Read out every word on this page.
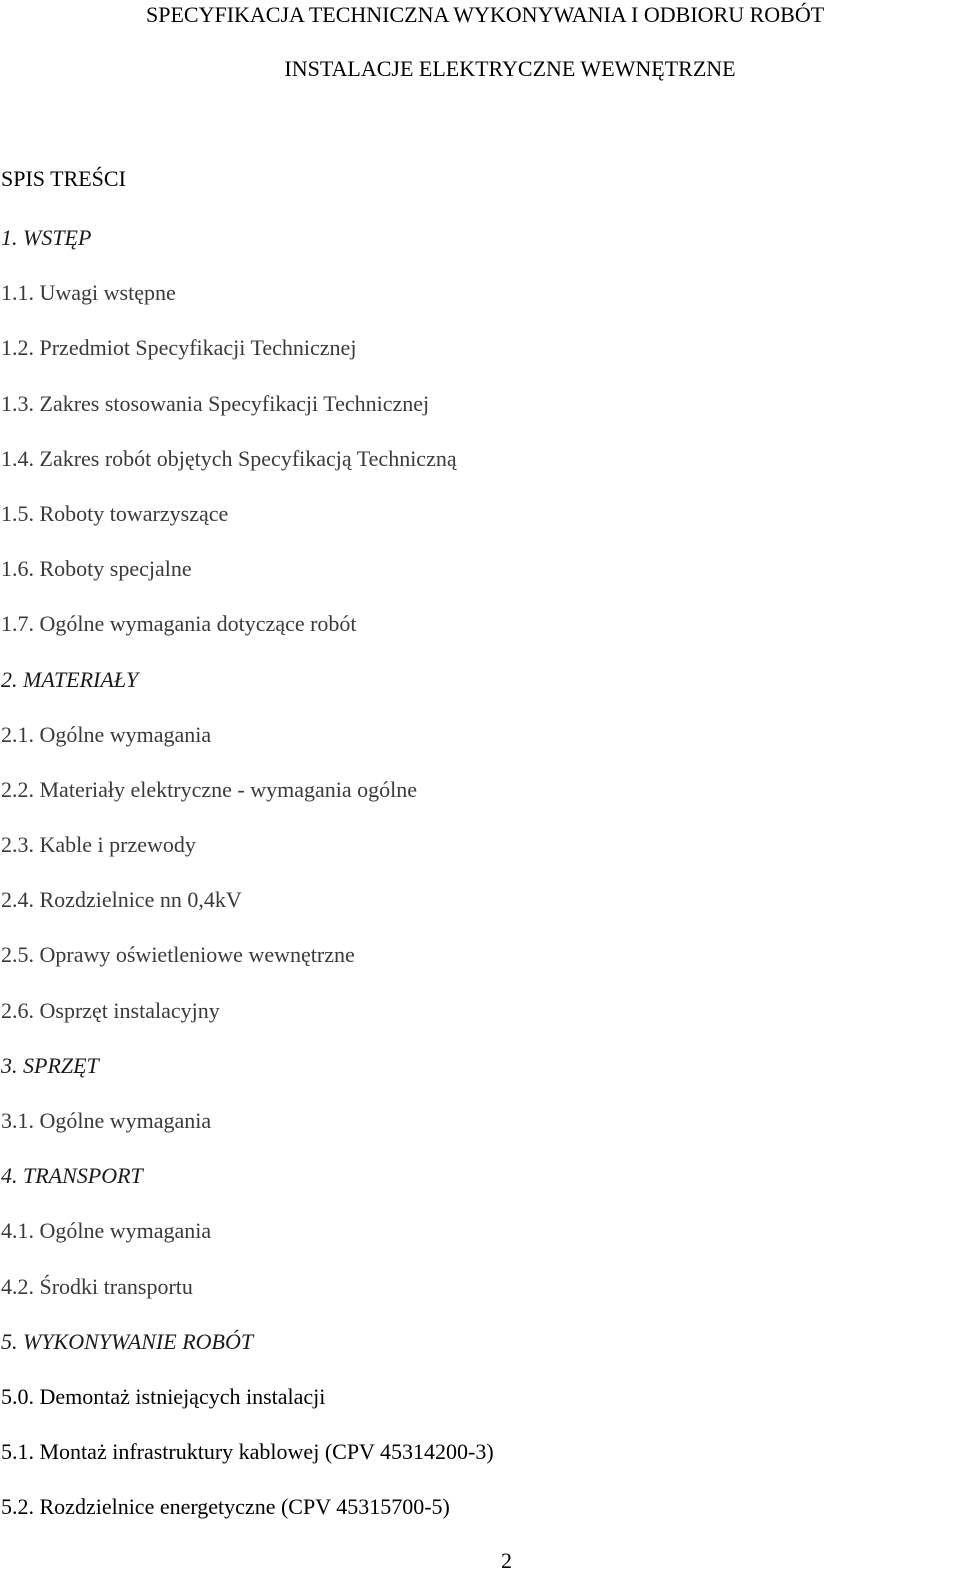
SPECYFIKACJA TECHNICZNA WYKONYWANIA I ODBIORU ROBÓT
INSTALACJE ELEKTRYCZNE WEWNĘTRZNE
SPIS TREŚCI
1. WSTĘP
1.1. Uwagi wstępne
1.2. Przedmiot Specyfikacji Technicznej
1.3. Zakres stosowania Specyfikacji Technicznej
1.4. Zakres robót objętych Specyfikacją Techniczną
1.5. Roboty towarzyszące
1.6. Roboty specjalne
1.7. Ogólne wymagania dotyczące robót
2. MATERIAŁY
2.1. Ogólne wymagania
2.2. Materiały elektryczne - wymagania ogólne
2.3. Kable i przewody
2.4. Rozdzielnice nn 0,4kV
2.5. Oprawy oświetleniowe wewnętrzne
2.6. Osprzęt instalacyjny
3. SPRZĘT
3.1. Ogólne wymagania
4. TRANSPORT
4.1. Ogólne wymagania
4.2. Środki transportu
5. WYKONYWANIE ROBÓT
5.0. Demontaż istniejących instalacji
5.1. Montaż infrastruktury kablowej (CPV 45314200-3)
5.2. Rozdzielnice energetyczne (CPV 45315700-5)

2
